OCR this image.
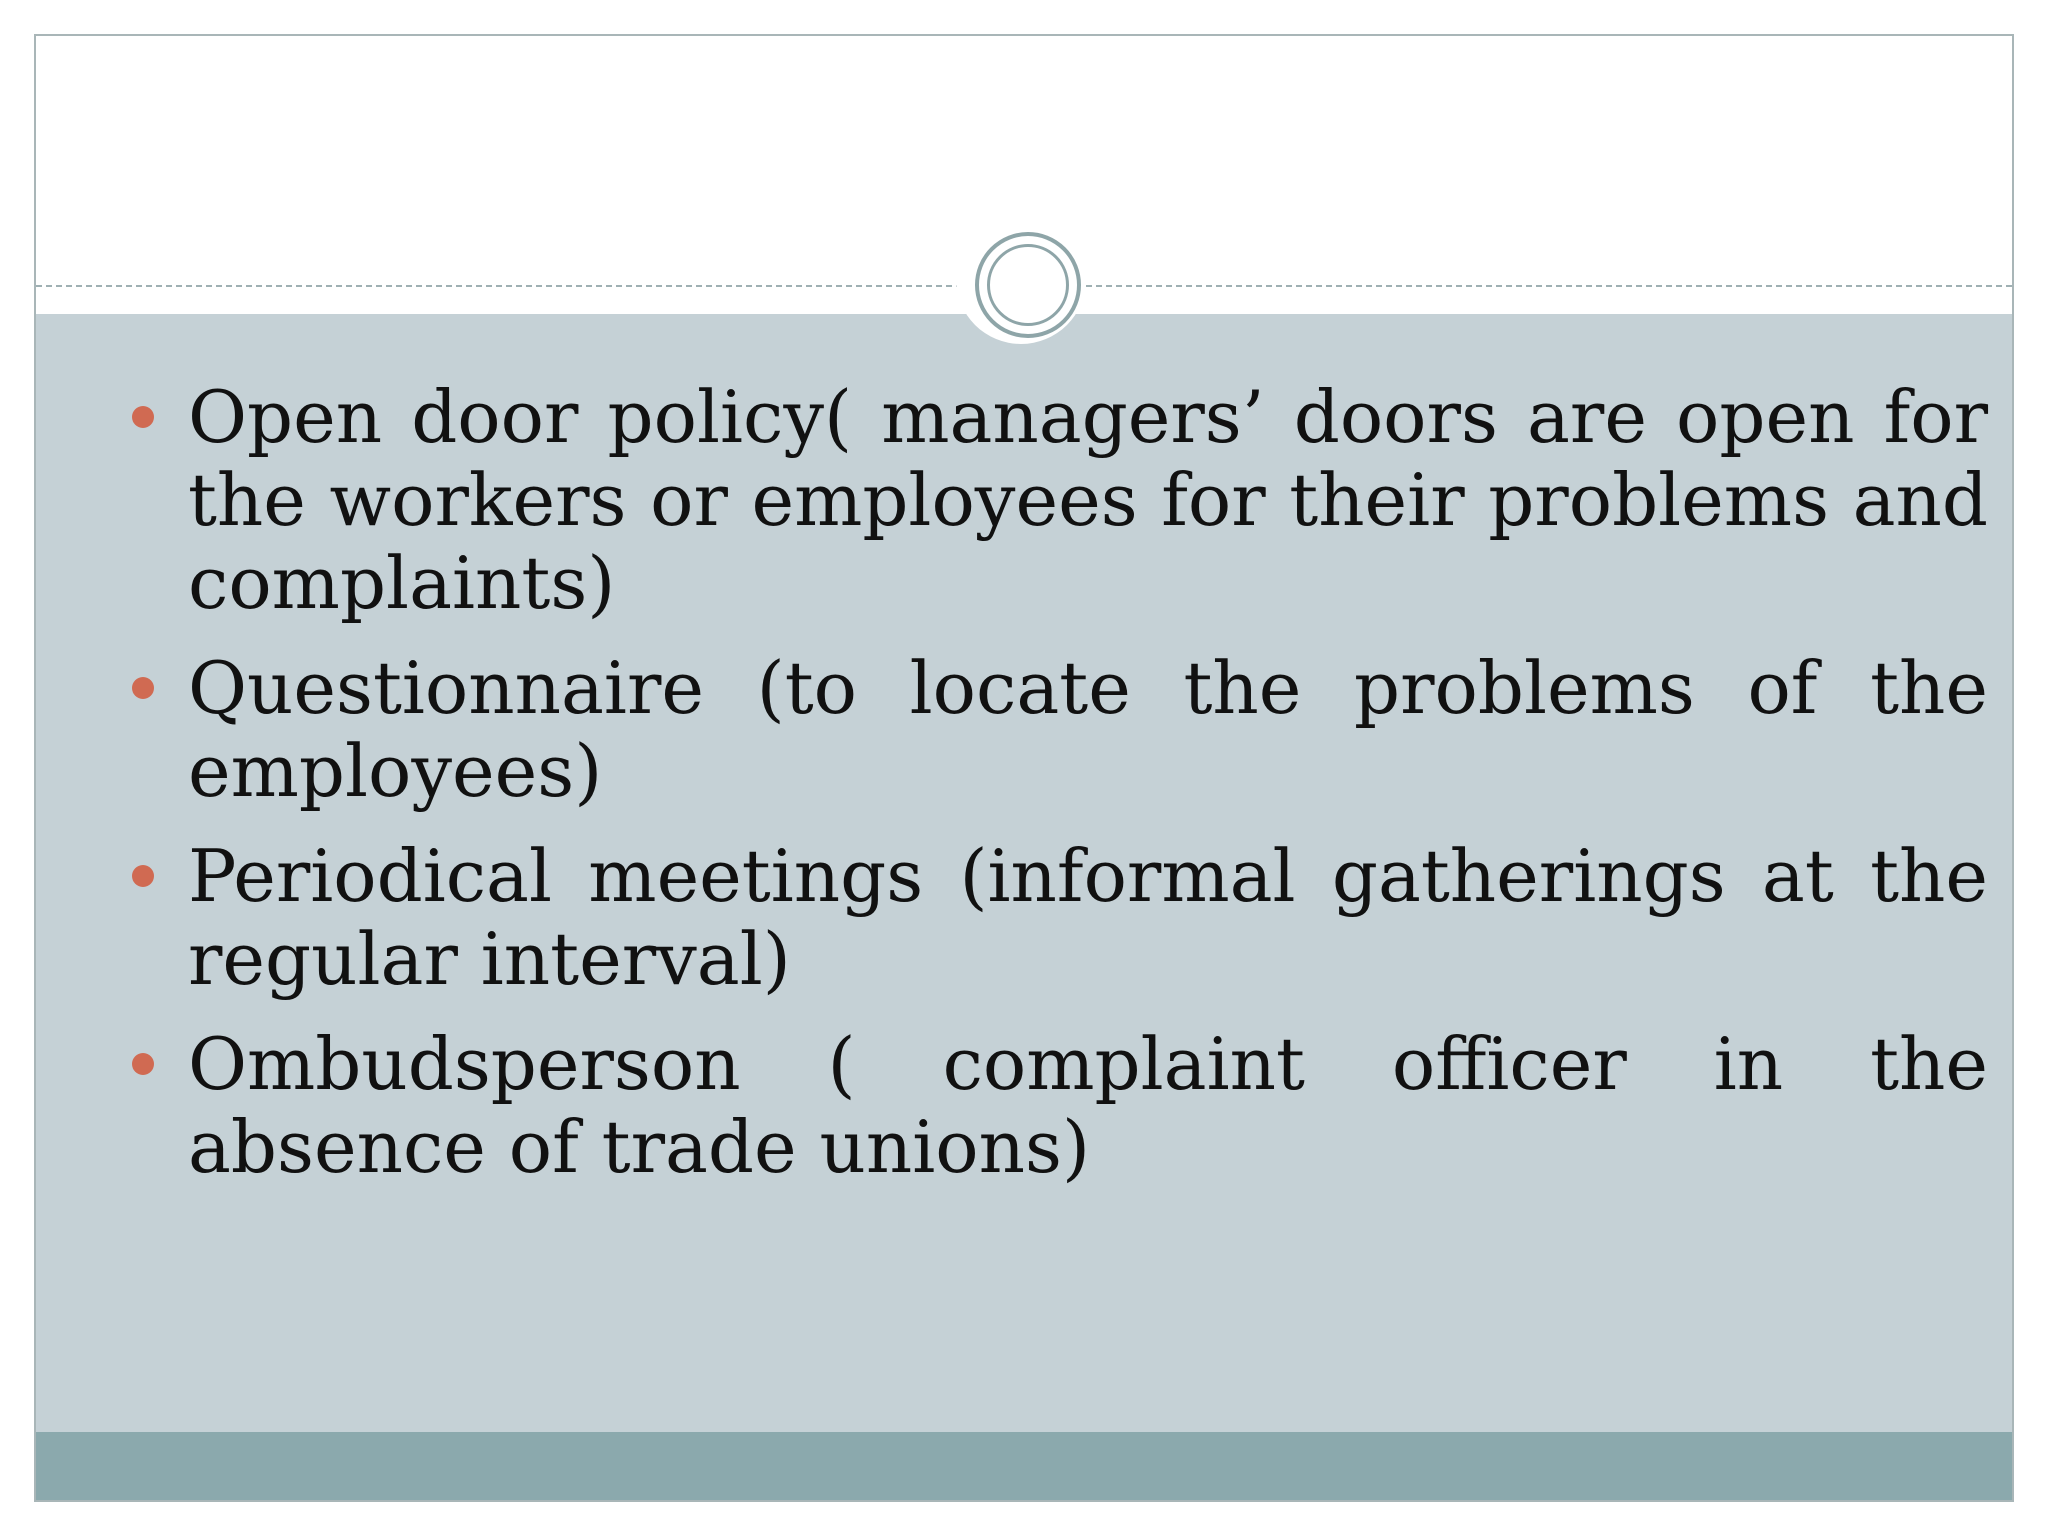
Open door policy( managers’ doors are open for the workers or employees for their problems and complaints)
Questionnaire (to locate the problems of the employees)
Periodical meetings (informal gatherings at the regular interval)
Ombudsperson ( complaint officer in the absence of trade unions)
